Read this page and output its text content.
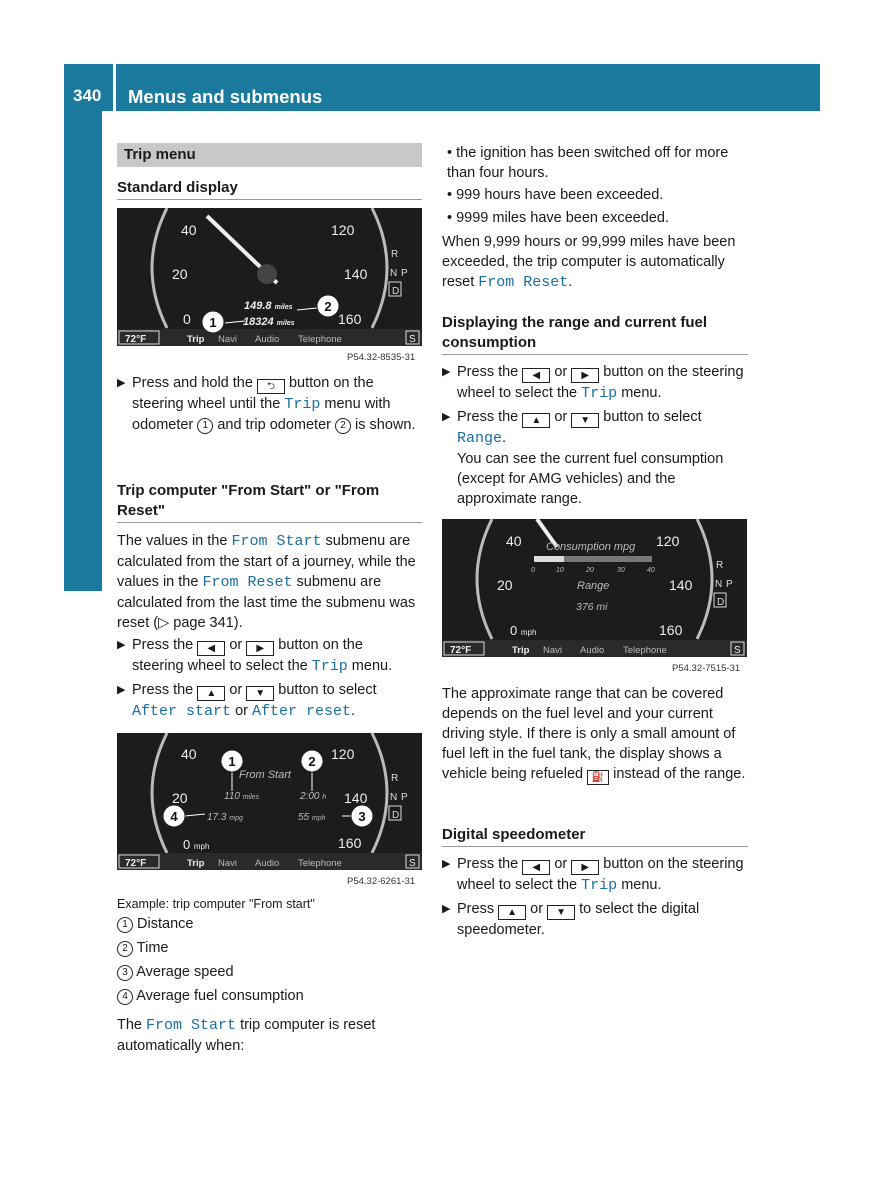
340	Menus and submenus
On-board computer and displays
Trip menu
Standard display
1
2
40	120
20	140
0	160
149.8 miles
18324 miles
R
N P
D
72°F	Trip Navi Audio Telephone	S
P54.32-8535-31
▶ Press and hold the ⮌ button on the steering wheel until the Trip menu with odometer 1 and trip odometer 2 is shown.
Trip computer "From Start" or "From Reset"
The values in the From Start submenu are calculated from the start of a journey, while the values in the From Reset submenu are calculated from the last time the submenu was reset (▷ page 341).
▶ Press the ◀ or ▶ button on the steering wheel to select the Trip menu.
▶ Press the ▲ or ▼ button to select After start or After reset.
1	2
3
4
40	120
20	140
160
0 mph
From Start
110 miles	2:00 h
17.3 mpg	55 mph
R
N P
D
72°F	Trip Navi Audio Telephone	S
P54.32-6261-31
Example: trip computer "From start"
1 Distance
2 Time
3 Average speed
4 Average fuel consumption
The From Start trip computer is reset automatically when:
• the ignition has been switched off for more than four hours.
• 999 hours have been exceeded.
• 9999 miles have been exceeded.
When 9,999 hours or 99,999 miles have been exceeded, the trip computer is automatically reset From Reset.
Displaying the range and current fuel consumption
▶ Press the ◀ or ▶ button on the steering wheel to select the Trip menu.
▶ Press the ▲ or ▼ button to select Range.
You can see the current fuel consumption (except for AMG vehicles) and the approximate range.
40	120
20	140
160
0 mph
Consumption mpg
0	10	20	30	40
Range
376 mi
R
N P
D
72°F	Trip Navi Audio Telephone	S
P54.32-7515-31
The approximate range that can be covered depends on the fuel level and your current driving style. If there is only a small amount of fuel left in the fuel tank, the display shows a vehicle being refueled ⛽ instead of the range.
Digital speedometer
▶ Press the ◀ or ▶ button on the steering wheel to select the Trip menu.
▶ Press ▲ or ▼ to select the digital speedometer.
